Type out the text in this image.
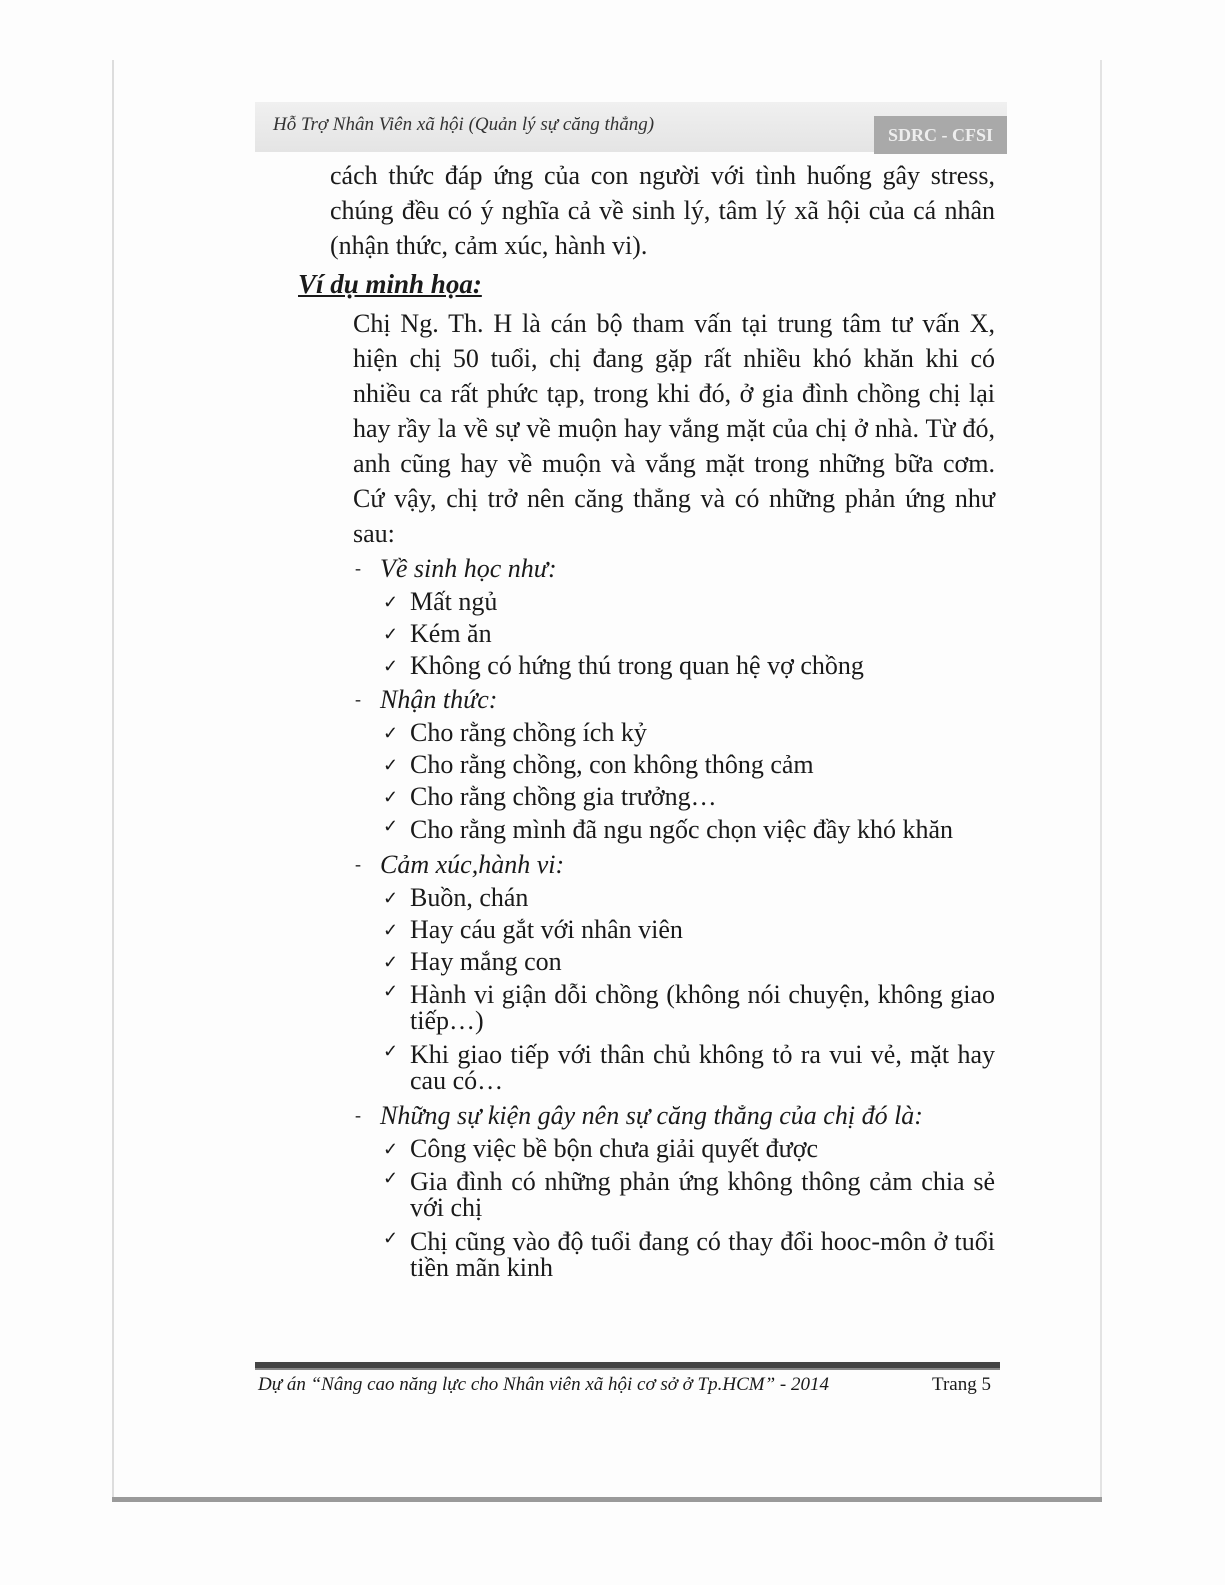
Hỗ Trợ Nhân Viên xã hội (Quản lý sự căng thẳng)	SDRC - CFSI

cách thức đáp ứng của con người với tình huống gây stress, chúng đều có ý nghĩa cả về sinh lý, tâm lý xã hội của cá nhân (nhận thức, cảm xúc, hành vi).

Ví dụ minh họa:

Chị Ng. Th. H là cán bộ tham vấn tại trung tâm tư vấn X, hiện chị 50 tuổi, chị đang gặp rất nhiều khó khăn khi có nhiều ca rất phức tạp, trong khi đó, ở gia đình chồng chị lại hay rầy la về sự về muộn hay vắng mặt của chị ở nhà. Từ đó, anh cũng hay về muộn và vắng mặt trong những bữa cơm. Cứ vậy, chị trở nên căng thẳng và có những phản ứng như sau:

- Về sinh học như:
✓ Mất ngủ
✓ Kém ăn
✓ Không có hứng thú trong quan hệ vợ chồng
- Nhận thức:
✓ Cho rằng chồng ích kỷ
✓ Cho rằng chồng, con không thông cảm
✓ Cho rằng chồng gia trưởng…
✓ Cho rằng mình đã ngu ngốc chọn việc đầy khó khăn
- Cảm xúc,hành vi:
✓ Buồn, chán
✓ Hay cáu gắt với nhân viên
✓ Hay mắng con
✓ Hành vi giận dỗi chồng (không nói chuyện, không giao tiếp…)
✓ Khi giao tiếp với thân chủ không tỏ ra vui vẻ, mặt hay cau có…
- Những sự kiện gây nên sự căng thẳng của chị đó là:
✓ Công việc bề bộn chưa giải quyết được
✓ Gia đình có những phản ứng không thông cảm chia sẻ với chị
✓ Chị cũng vào độ tuổi đang có thay đổi hooc-môn ở tuổi tiền mãn kinh
Dự án “Nâng cao năng lực cho Nhân viên xã hội cơ sở ở Tp.HCM” - 2014	Trang 5
